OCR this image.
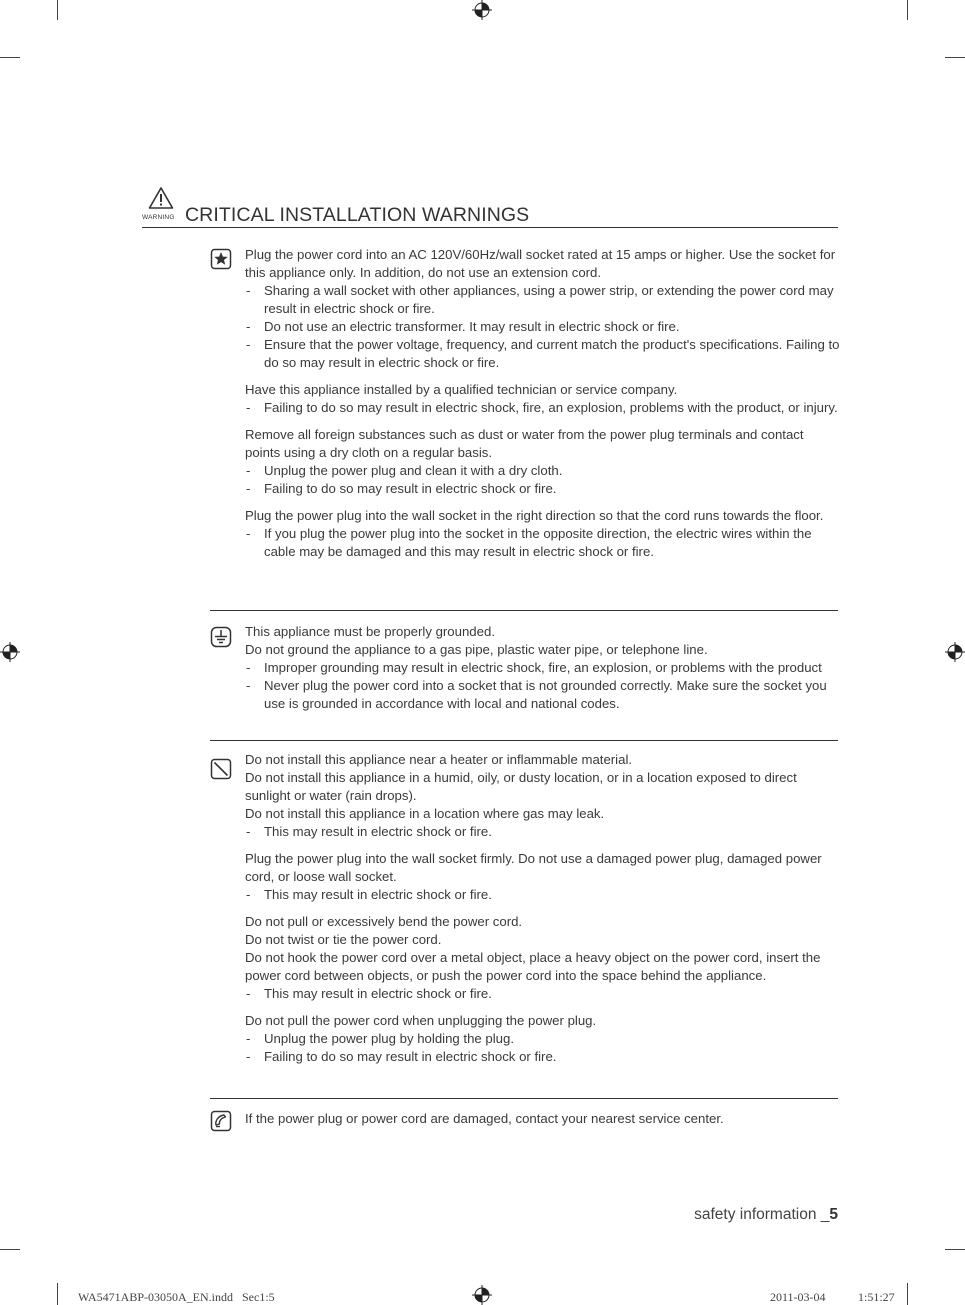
WARNING CRITICAL INSTALLATION WARNINGS

Plug the power cord into an AC 120V/60Hz/wall socket rated at 15 amps or higher. Use the socket for this appliance only. In addition, do not use an extension cord.

- Sharing a wall socket with other appliances, using a power strip, or extending the power cord may result in electric shock or fire.

- Do not use an electric transformer. It may result in electric shock or fire.

- Ensure that the power voltage, frequency, and current match the product's specifications. Failing to do so may result in electric shock or fire.

Have this appliance installed by a qualified technician or service company.

- Failing to do so may result in electric shock, fire, an explosion, problems with the product, or injury.

Remove all foreign substances such as dust or water from the power plug terminals and contact points using a dry cloth on a regular basis.

- Unplug the power plug and clean it with a dry cloth.

- Failing to do so may result in electric shock or fire.

Plug the power plug into the wall socket in the right direction so that the cord runs towards the floor.

- If you plug the power plug into the socket in the opposite direction, the electric wires within the cable may be damaged and this may result in electric shock or fire.

This appliance must be properly grounded.

Do not ground the appliance to a gas pipe, plastic water pipe, or telephone line.

- Improper grounding may result in electric shock, fire, an explosion, or problems with the product

- Never plug the power cord into a socket that is not grounded correctly. Make sure the socket you use is grounded in accordance with local and national codes.

Do not install this appliance near a heater or inflammable material.

Do not install this appliance in a humid, oily, or dusty location, or in a location exposed to direct sunlight or water (rain drops).

Do not install this appliance in a location where gas may leak.

- This may result in electric shock or fire.

Plug the power plug into the wall socket firmly. Do not use a damaged power plug, damaged power cord, or loose wall socket.

- This may result in electric shock or fire.

Do not pull or excessively bend the power cord.

Do not twist or tie the power cord.

Do not hook the power cord over a metal object, place a heavy object on the power cord, insert the power cord between objects, or push the power cord into the space behind the appliance.

- This may result in electric shock or fire.

Do not pull the power cord when unplugging the power plug.

- Unplug the power plug by holding the plug.

- Failing to do so may result in electric shock or fire.

If the power plug or power cord are damaged, contact your nearest service center.

safety information _5
WA5471ABP-03050A_EN.indd   Sec1:5	2011-03-04	1:51:27
